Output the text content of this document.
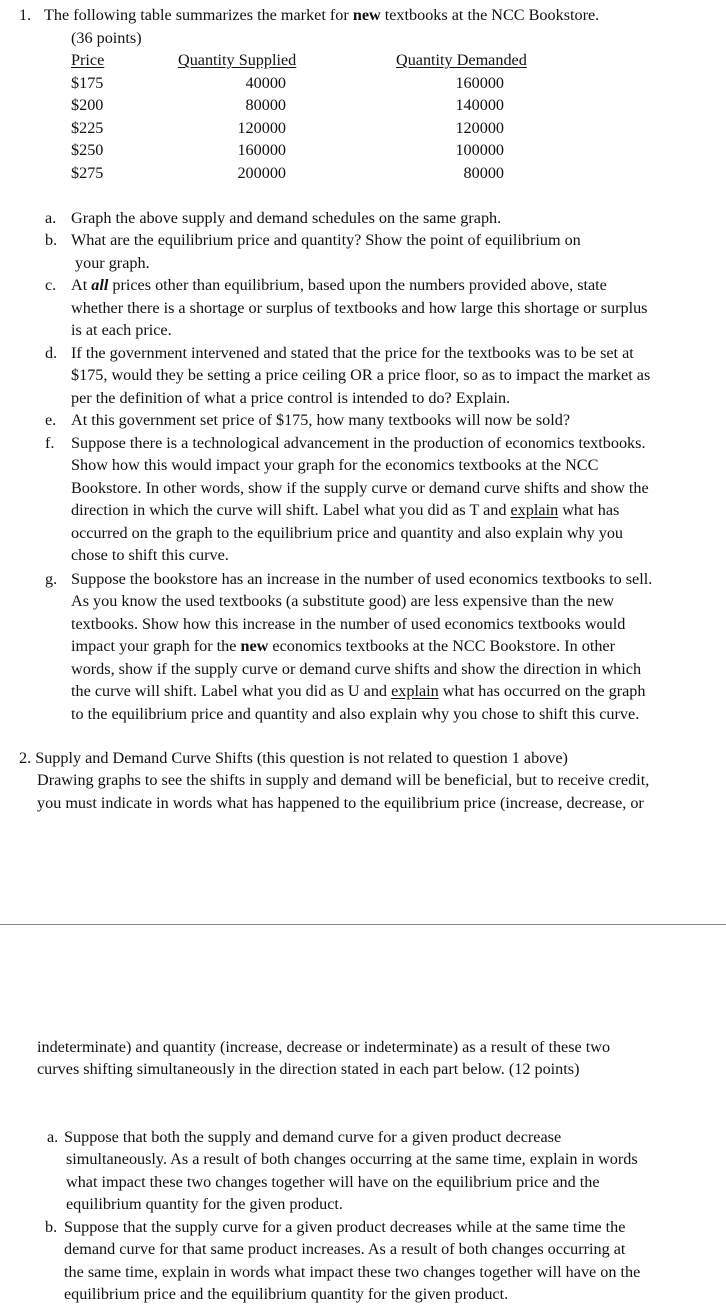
1. The following table summarizes the market for new textbooks at the NCC Bookstore.
(36 points)
Price	Quantity Supplied	Quantity Demanded
$175	40000	160000
$200	80000	140000
$225	120000	120000
$250	160000	100000
$275	200000	80000
a. Graph the above supply and demand schedules on the same graph.
b. What are the equilibrium price and quantity? Show the point of equilibrium on
your graph.
c. At all prices other than equilibrium, based upon the numbers provided above, state
whether there is a shortage or surplus of textbooks and how large this shortage or surplus
is at each price.
d. If the government intervened and stated that the price for the textbooks was to be set at
$175, would they be setting a price ceiling OR a price floor, so as to impact the market as
per the definition of what a price control is intended to do? Explain.
e. At this government set price of $175, how many textbooks will now be sold?
f. Suppose there is a technological advancement in the production of economics textbooks.
Show how this would impact your graph for the economics textbooks at the NCC
Bookstore. In other words, show if the supply curve or demand curve shifts and show the
direction in which the curve will shift. Label what you did as T and explain what has
occurred on the graph to the equilibrium price and quantity and also explain why you
chose to shift this curve.
g. Suppose the bookstore has an increase in the number of used economics textbooks to sell.
As you know the used textbooks (a substitute good) are less expensive than the new
textbooks. Show how this increase in the number of used economics textbooks would
impact your graph for the new economics textbooks at the NCC Bookstore. In other
words, show if the supply curve or demand curve shifts and show the direction in which
the curve will shift. Label what you did as U and explain what has occurred on the graph
to the equilibrium price and quantity and also explain why you chose to shift this curve.
2. Supply and Demand Curve Shifts (this question is not related to question 1 above)
Drawing graphs to see the shifts in supply and demand will be beneficial, but to receive credit,
you must indicate in words what has happened to the equilibrium price (increase, decrease, or
indeterminate) and quantity (increase, decrease or indeterminate) as a result of these two
curves shifting simultaneously in the direction stated in each part below. (12 points)
a. Suppose that both the supply and demand curve for a given product decrease
simultaneously. As a result of both changes occurring at the same time, explain in words
what impact these two changes together will have on the equilibrium price and the
equilibrium quantity for the given product.
b. Suppose that the supply curve for a given product decreases while at the same time the
demand curve for that same product increases. As a result of both changes occurring at
the same time, explain in words what impact these two changes together will have on the
equilibrium price and the equilibrium quantity for the given product.
